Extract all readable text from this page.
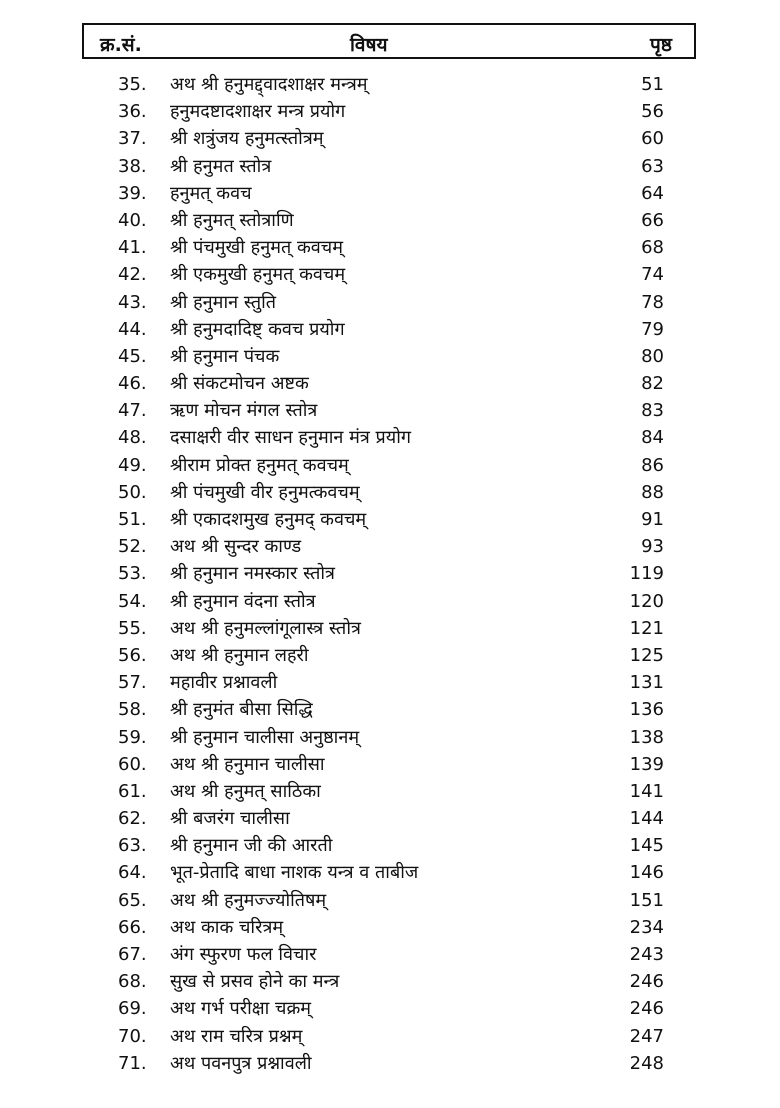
क्र.सं.	विषय	पृष्ठ
35.	अथ श्री हनुमद्द्वादशाक्षर मन्त्रम्	51
36.	हनुमदष्टादशाक्षर मन्त्र प्रयोग	56
37.	श्री शत्रुंजय हनुमत्स्तोत्रम्	60
38.	श्री हनुमत स्तोत्र	63
39.	हनुमत् कवच	64
40.	श्री हनुमत् स्तोत्राणि	66
41.	श्री पंचमुखी हनुमत् कवचम्	68
42.	श्री एकमुखी हनुमत् कवचम्	74
43.	श्री हनुमान स्तुति	78
44.	श्री हनुमदादिष्ट् कवच प्रयोग	79
45.	श्री हनुमान पंचक	80
46.	श्री संकटमोचन अष्टक	82
47.	ऋण मोचन मंगल स्तोत्र	83
48.	दसाक्षरी वीर साधन हनुमान मंत्र प्रयोग	84
49.	श्रीराम प्रोक्त हनुमत् कवचम्	86
50.	श्री पंचमुखी वीर हनुमत्कवचम्	88
51.	श्री एकादशमुख हनुमद् कवचम्	91
52.	अथ श्री सुन्दर काण्ड	93
53.	श्री हनुमान नमस्कार स्तोत्र	119
54.	श्री हनुमान वंदना स्तोत्र	120
55.	अथ श्री हनुमल्लांगूलास्त्र स्तोत्र	121
56.	अथ श्री हनुमान लहरी	125
57.	महावीर प्रश्नावली	131
58.	श्री हनुमंत बीसा सिद्धि	136
59.	श्री हनुमान चालीसा अनुष्ठानम्	138
60.	अथ श्री हनुमान चालीसा	139
61.	अथ श्री हनुमत् साठिका	141
62.	श्री बजरंग चालीसा	144
63.	श्री हनुमान जी की आरती	145
64.	भूत-प्रेतादि बाधा नाशक यन्त्र व ताबीज	146
65.	अथ श्री हनुमज्ज्योतिषम्	151
66.	अथ काक चरित्रम्	234
67.	अंग स्फुरण फल विचार	243
68.	सुख से प्रसव होने का मन्त्र	246
69.	अथ गर्भ परीक्षा चक्रम्	246
70.	अथ राम चरित्र प्रश्नम्	247
71.	अथ पवनपुत्र प्रश्नावली	248
